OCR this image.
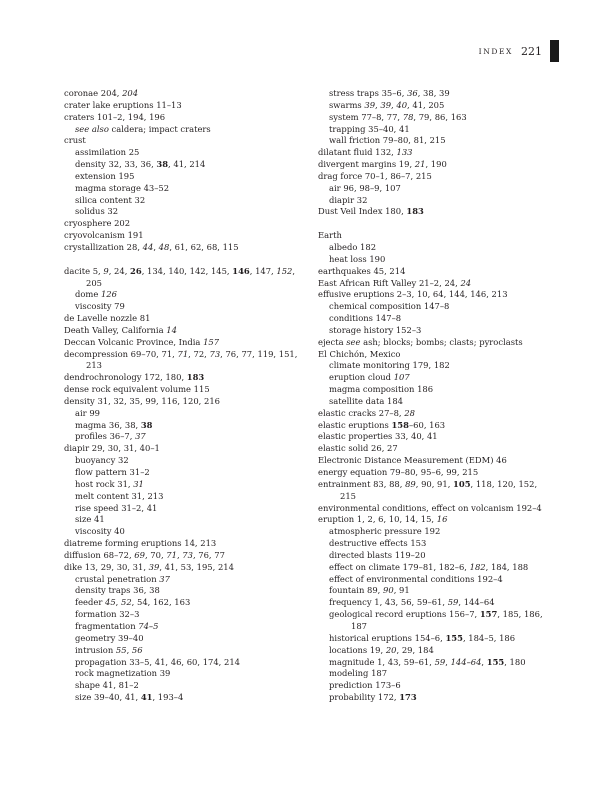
INDEX 221
coronae 204, 204
crater lake eruptions 11–13
craters 101–2, 194, 196
see also caldera; impact craters
crust
assimilation 25
density 32, 33, 36, 38, 41, 214
extension 195
magma storage 43–52
silica content 32
solidus 32
cryosphere 202
cryovolcanism 191
crystallization 28, 44, 48, 61, 62, 68, 115
dacite 5, 9, 24, 26, 134, 140, 142, 145, 146, 147, 152,
205
dome 126
viscosity 79
de Lavelle nozzle 81
Death Valley, California 14
Deccan Volcanic Province, India 157
decompression 69–70, 71, 71, 72, 73, 76, 77, 119, 151,
213
dendrochronology 172, 180, 183
dense rock equivalent volume 115
density 31, 32, 35, 99, 116, 120, 216
air 99
magma 36, 38, 38
profiles 36–7, 37
diapir 29, 30, 31, 40–1
buoyancy 32
flow pattern 31–2
host rock 31, 31
melt content 31, 213
rise speed 31–2, 41
size 41
viscosity 40
diatreme forming eruptions 14, 213
diffusion 68–72, 69, 70, 71, 73, 76, 77
dike 13, 29, 30, 31, 39, 41, 53, 195, 214
crustal penetration 37
density traps 36, 38
feeder 45, 52, 54, 162, 163
formation 32–3
fragmentation 74–5
geometry 39–40
intrusion 55, 56
propagation 33–5, 41, 46, 60, 174, 214
rock magnetization 39
shape 41, 81–2
size 39–40, 41, 41, 193–4
stress traps 35–6, 36, 38, 39
swarms 39, 39, 40, 41, 205
system 77–8, 77, 78, 79, 86, 163
trapping 35–40, 41
wall friction 79–80, 81, 215
dilatant fluid 132, 133
divergent margins 19, 21, 190
drag force 70–1, 86–7, 215
air 96, 98–9, 107
diapir 32
Dust Veil Index 180, 183
Earth
albedo 182
heat loss 190
earthquakes 45, 214
East African Rift Valley 21–2, 24, 24
effusive eruptions 2–3, 10, 64, 144, 146, 213
chemical composition 147–8
conditions 147–8
storage history 152–3
ejecta see ash; blocks; bombs; clasts; pyroclasts
El Chichón, Mexico
climate monitoring 179, 182
eruption cloud 107
magma composition 186
satellite data 184
elastic cracks 27–8, 28
elastic eruptions 158–60, 163
elastic properties 33, 40, 41
elastic solid 26, 27
Electronic Distance Measurement (EDM) 46
energy equation 79–80, 95–6, 99, 215
entrainment 83, 88, 89, 90, 91, 105, 118, 120, 152,
215
environmental conditions, effect on volcanism 192–4
eruption 1, 2, 6, 10, 14, 15, 16
atmospheric pressure 192
destructive effects 153
directed blasts 119–20
effect on climate 179–81, 182–6, 182, 184, 188
effect of environmental conditions 192–4
fountain 89, 90, 91
frequency 1, 43, 56, 59–61, 59, 144–64
geological record eruptions 156–7, 157, 185, 186,
187
historical eruptions 154–6, 155, 184–5, 186
locations 19, 20, 29, 184
magnitude 1, 43, 59–61, 59, 144–64, 155, 180
modeling 187
prediction 173–6
probability 172, 173
